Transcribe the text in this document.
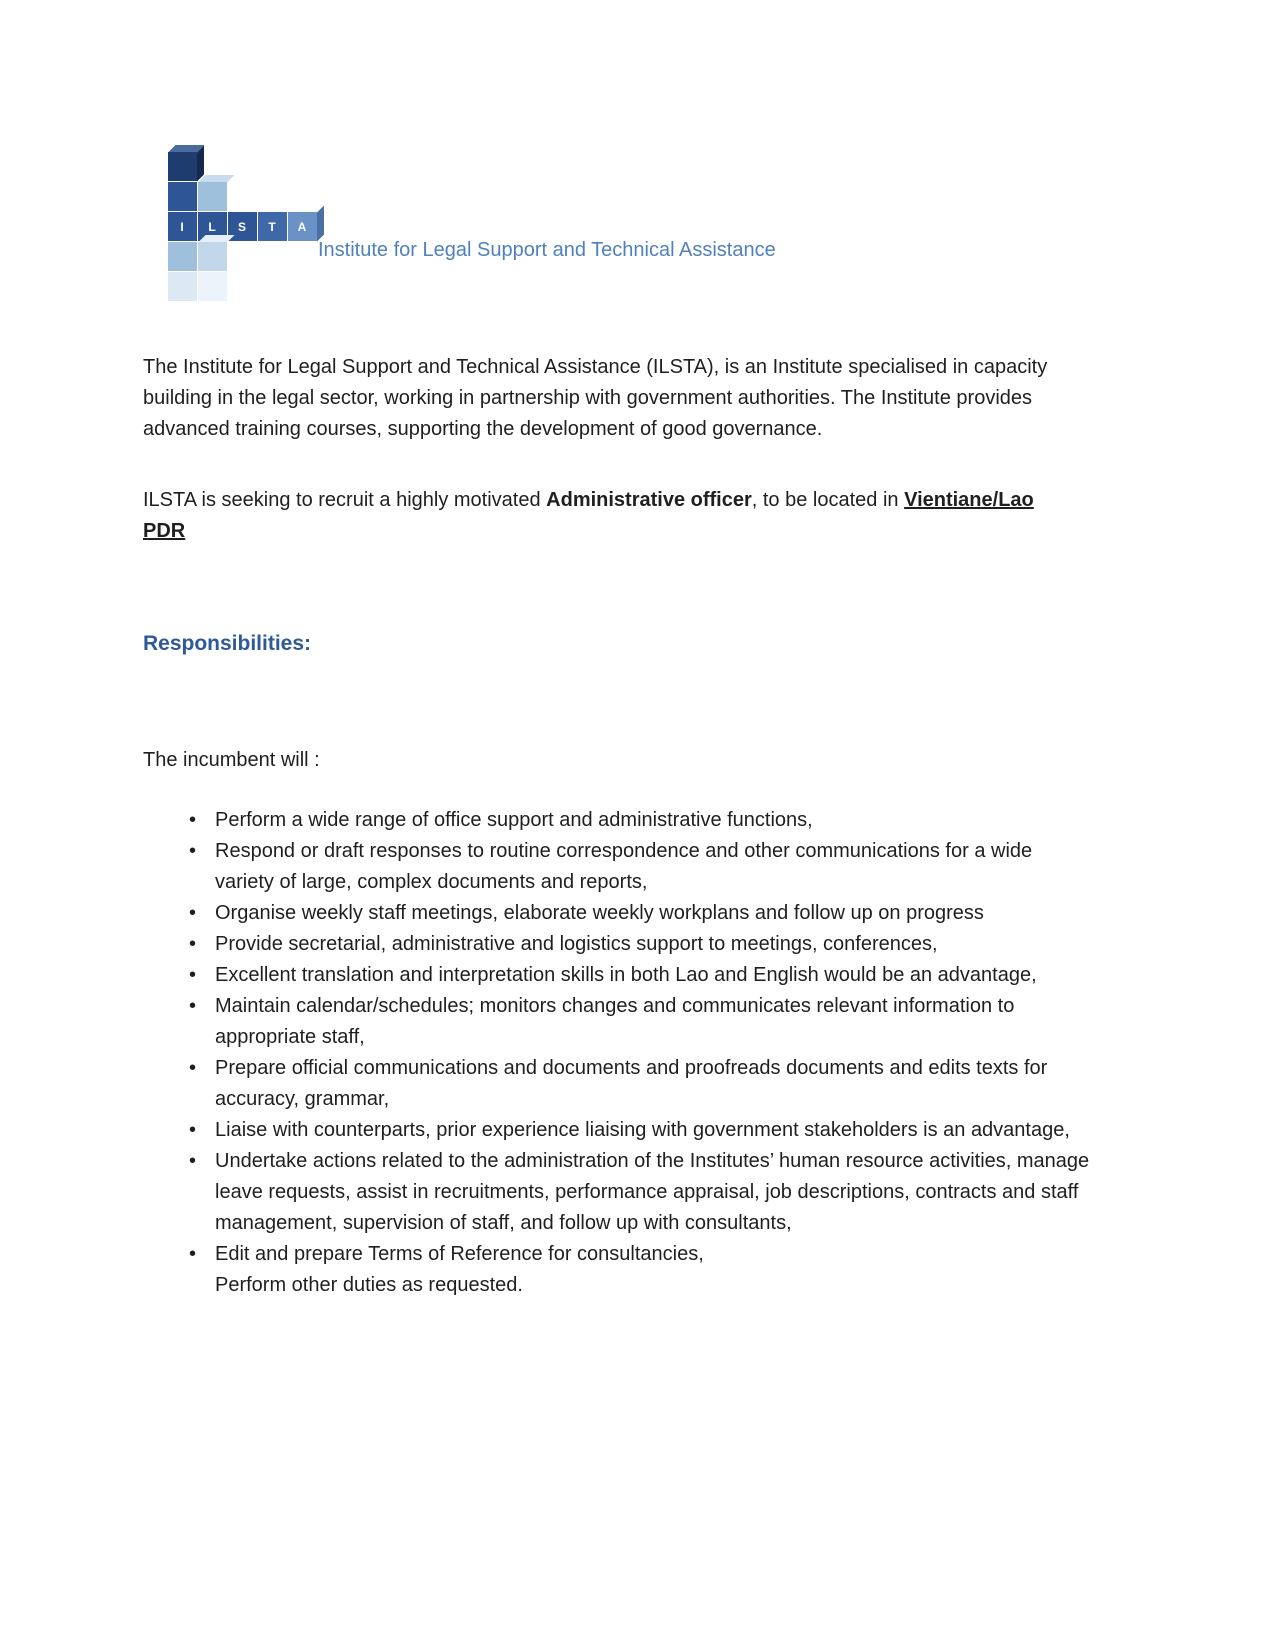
I	L	S	T	A
Institute for Legal Support and Technical Assistance

The Institute for Legal Support and Technical Assistance (ILSTA), is an Institute specialised in capacity building in the legal sector, working in partnership with government authorities. The Institute provides advanced training courses, supporting the development of good governance.

ILSTA is seeking to recruit a highly motivated Administrative officer, to be located in Vientiane/Lao PDR

Responsibilities:

The incumbent will :

• Perform a wide range of office support and administrative functions,
• Respond or draft responses to routine correspondence and other communications for a wide variety of large, complex documents and reports,
• Organise weekly staff meetings, elaborate weekly workplans and follow up on progress
• Provide secretarial, administrative and logistics support to meetings, conferences,
• Excellent translation and interpretation skills in both Lao and English would be an advantage,
• Maintain calendar/schedules; monitors changes and communicates relevant information to appropriate staff,
• Prepare official communications and documents and proofreads documents and edits texts for accuracy, grammar,
• Liaise with counterparts, prior experience liaising with government stakeholders is an advantage,
• Undertake actions related to the administration of the Institutes’ human resource activities, manage leave requests, assist in recruitments, performance appraisal, job descriptions, contracts and staff management, supervision of staff, and follow up with consultants,
• Edit and prepare Terms of Reference for consultancies,

Perform other duties as requested.
